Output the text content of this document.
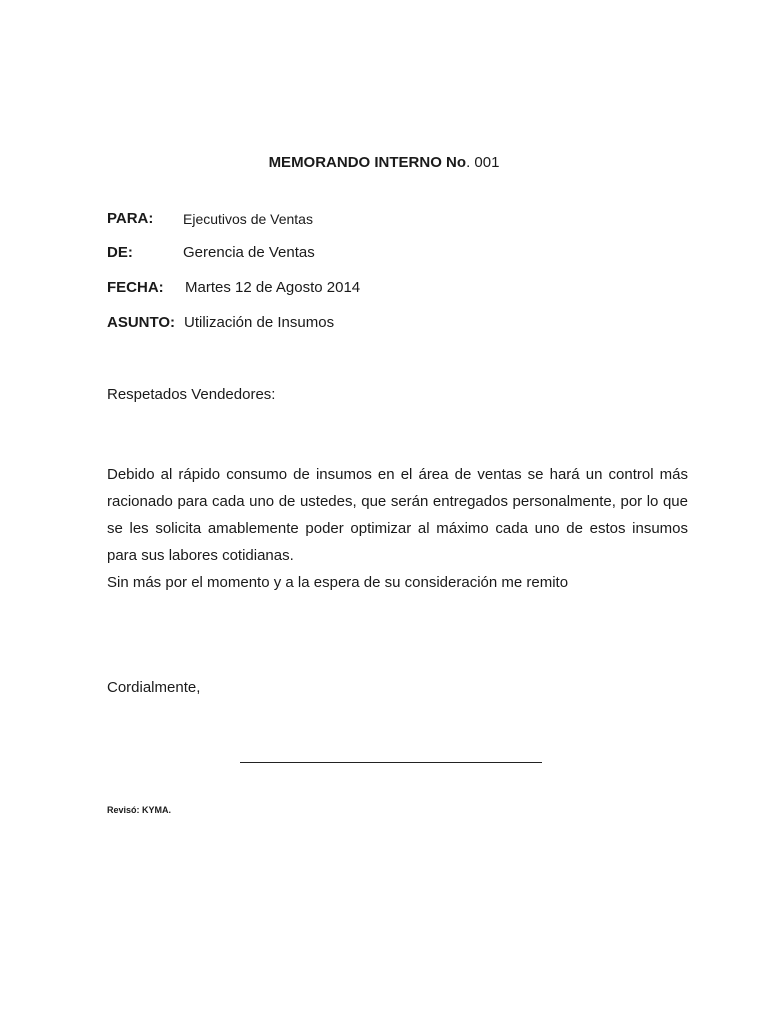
MEMORANDO INTERNO No. 001
PARA: Ejecutivos de Ventas
DE:	Gerencia de Ventas
FECHA: Martes 12 de Agosto 2014
ASUNTO: Utilización de Insumos
Respetados Vendedores:

Debido al rápido consumo de insumos en el área de ventas se hará un control más racionado para cada uno de ustedes, que serán entregados personalmente, por lo que se les solicita amablemente poder optimizar al máximo cada uno de estos insumos para sus labores cotidianas.

Sin más por el momento y a la espera de su consideración me remito

Cordialmente,
Revisó: KYMA.
